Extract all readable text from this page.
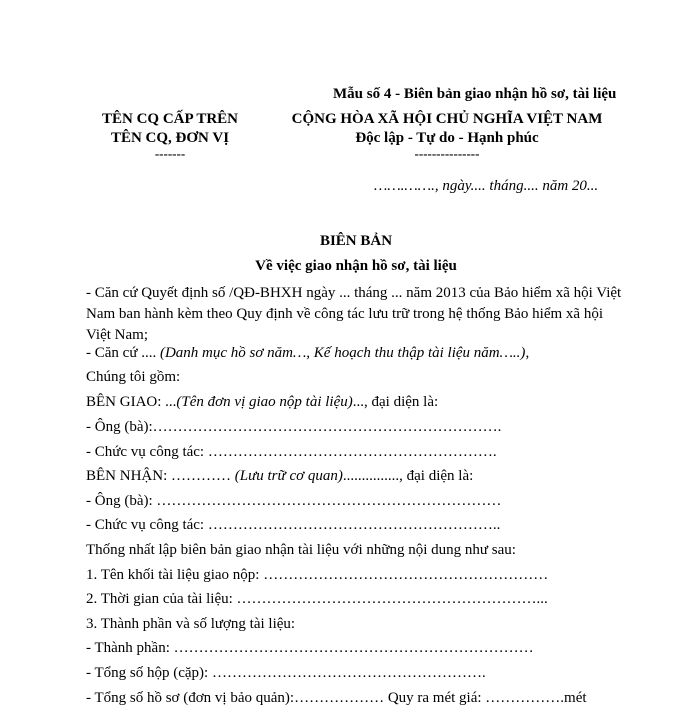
Mẫu số 4 - Biên bản giao nhận hồ sơ, tài liệu
TÊN CQ CẤP TRÊN
TÊN CQ, ĐƠN VỊ
-------
CỘNG HÒA XÃ HỘI CHỦ NGHĨA VIỆT NAM
Độc lập - Tự do - Hạnh phúc
---------------
…….……., ngày.... tháng.... năm 20...
BIÊN BẢN
Về việc giao nhận hồ sơ, tài liệu
- Căn cứ Quyết định số /QĐ-BHXH ngày ... tháng ... năm 2013 của Bảo hiểm xã hội Việt Nam ban hành kèm theo Quy định về công tác lưu trữ trong hệ thống Bảo hiểm xã hội Việt Nam;
- Căn cứ .... (Danh mục hồ sơ năm…, Kế hoạch thu thập tài liệu năm…..),
Chúng tôi gồm:
BÊN GIAO: ...(Tên đơn vị giao nộp tài liệu)..., đại diện là:
- Ông (bà):…………………………………………………………….
- Chức vụ công tác: ………………………………………………….
BÊN NHẬN: ………… (Lưu trữ cơ quan)..............., đại diện là:
- Ông (bà): ……………………………………………………………
- Chức vụ công tác: …………………………………………………..
Thống nhất lập biên bản giao nhận tài liệu với những nội dung như sau:
1. Tên khối tài liệu giao nộp: …………………………………………………
2. Thời gian của tài liệu: ……………………………………………………...
3. Thành phần và số lượng tài liệu:
- Thành phần: ………………………………………………………………
- Tổng số hộp (cặp): ……………………………………………….
- Tổng số hồ sơ (đơn vị bảo quản):……………… Quy ra mét giá: …………….mét
